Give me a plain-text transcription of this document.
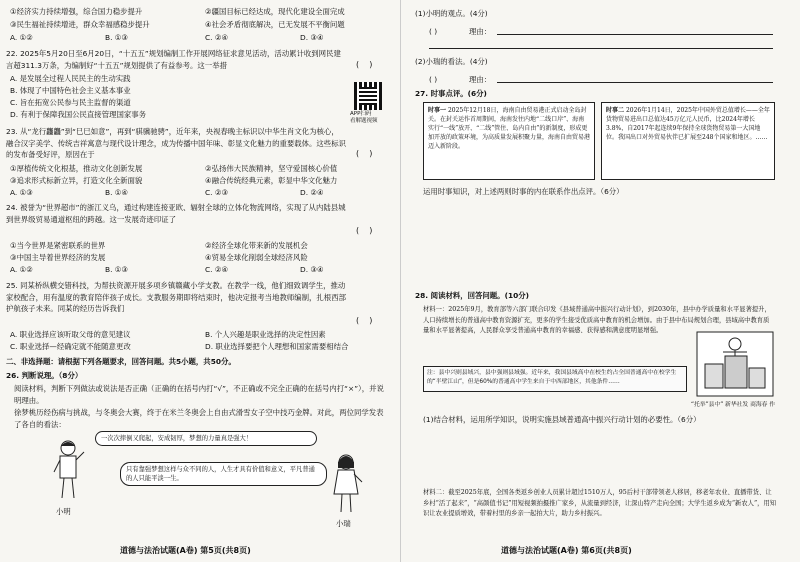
①经济实力持续增强，综合国力稳步提升	②疆国目标已经达成，现代化建设全面完成
③民生福祉持续增进，群众幸福感稳步提升	④社会矛盾彻底解决，已无发展不平衡问题
A. ①②	B. ①③	C. ②④	D. ③④
22. 2025年5月20日至6月20日，“十五五”规划编制工作开展网络征求意见活动，活动累计收到网民建言超311.3万条，为编制好“十五五”规划提供了有益参考。这一举措	(    )
A. 是发展全过程人民民主的生动实践
B. 体现了中国特色社会主义基本事业
C. 旨在拓宽公民参与民主监督的渠道
D. 有利于保障我国公民直接管理国家事务	APP扫码
看解题视频
23. 从“龙行龘龘”到“巳巳如意”，再到“骐骥驰骋”，近年来，央视春晚主标识以中华生肖文化为核心，融合汉字美学、传统吉祥寓意与现代设计理念，成为传播中国年味、彰显文化魅力的重要载体。这些标识的发布备受好评，原因在于	(    )
①厚植传统文化根基，推动文化创新发展	②弘扬伟大民族精神，坚守爱国核心价值
③追求形式标新立异，打造文化全新面貌	④融合传统经典元素，彰显中华文化魅力
A. ①③	B. ①④	C. ②③	D. ②④
24. 被誉为“世界超市”的浙江义乌，通过构建连接亚欧、辐射全球的立体化物流网络，实现了从内陆县城到世界级贸易通道枢纽的跨越。这一发展奇迹印证了
(    )
①当今世界是紧密联系的世界	②经济全球化带来新的发展机会
③中国主导着世界经济的发展	④贸易全球化削弱全球经济风险
A. ①②	B. ①③	C. ②④	D. ③④
25. 同某桥纵横交错科技，为帮扶资源开展多项乡镇赣藏小学支教。在教学一线，他们细致调学生，推动家校配合，用有温度的教育陪伴孩子成长。支教服务期即将结束时，他决定报考当地教师编制，扎根西部护航孩子未来。同某的经历告诉我们
(    )
A. 职业选择应该听取父母的意见建议	B. 个人兴趣是职业选择的决定性因素
C. 职业选择—经确定就不能随意更改	D. 职业选择要把个人理想和国家需要相结合
二、非选择题：请根据下列各题要求，回答问题。共5小题，共50分。
26. 判断说理。（8分）
阅读材料，判断下列做法或说法是否正确（正确的在括号内打“√”，不正确或不完全正确的在括号内打“×”），并说明理由。
徐梦桃历经伤病与挑战，与冬奥会大赛，终于在米兰冬奥会上自由式滑雪女子空中技巧金牌。对此，两位同学发表了各自的看法：
一次次摔倒又爬起，安成韧厚，梦想的力量真是强大！
只有靠强梦想这样与众不同的人，人生才具有价值和意义，平凡普通的人只能平淡一生。
小明
小瑞
道德与法治试题(A卷) 第5页(共8页)
(1)小明的观点。(4分)
( )	理由：
(2)小瑞的看法。(4分)
( )	理由：
27. 时事点评。(6分)
时事一 2025年12月18日，海南自由贸易港正式启动全岛封关。在封关运作首周期间，海南发往内地“二线口岸”、海南实行“一线”放开、“二线”管住、岛内自由”的新制度，形成更加开放的政策环境，为高质量发展积聚力量，海南自由贸易港迈入新阶段。
时事二 2026年1月14日，2025年中国外贸总值增长——全年货物贸易进出口总值达45万亿元人民币，比2024年增长3.8%，自2017年起连续9年保持全球货物贸易第一大国地位。我国出口对外贸易伙伴已扩展至248个国家和地区。……
运用时事知识，对上述两则时事的内在联系作出点评。（6分）
28. 阅读材料，回答问题。(10分)
材料一：2025年9月，教育部等六部门联合印发《县域普通高中振兴行动计划》，到2030年，县中办学质量和水平显著提升，人口持续增长的普通高中教育资源扩充，更多的学生接受优质高中教育的机会增加。由于县中布局规划合理，县域高中教育质量和水平显著提高，人民群众享受普通高中教育的幸福感、获得感和满意度明显增强。
注：县中兴则县域兴，县中强则县域强。近年来，我国县域高中在校生约占全国普通高中在校学生的“半壁江山”，但是60%的普通高中学生来自于中西部地区，其他条件……
“托举”县中” 新华社发 商海春 作
(1)结合材料，运用所学知识，说明实施县域普通高中振兴行动计划的必要性。（6分）
材料二：截至2025年底，全国各类返乡创业人员累计超过1510万人，95后村干部带领老人移居，移老年农业、直播带货、让乡村“活了起来”，“高颜值书记”用短视频拍摄推广家乡，从流量到经济，让深山特产走向全国；大学生返乡成为“新农人”，用知识让农业提质增效，带着村里的乡亲一起拍大片，助力乡村振兴。
道德与法治试题(A卷) 第6页(共8页)
